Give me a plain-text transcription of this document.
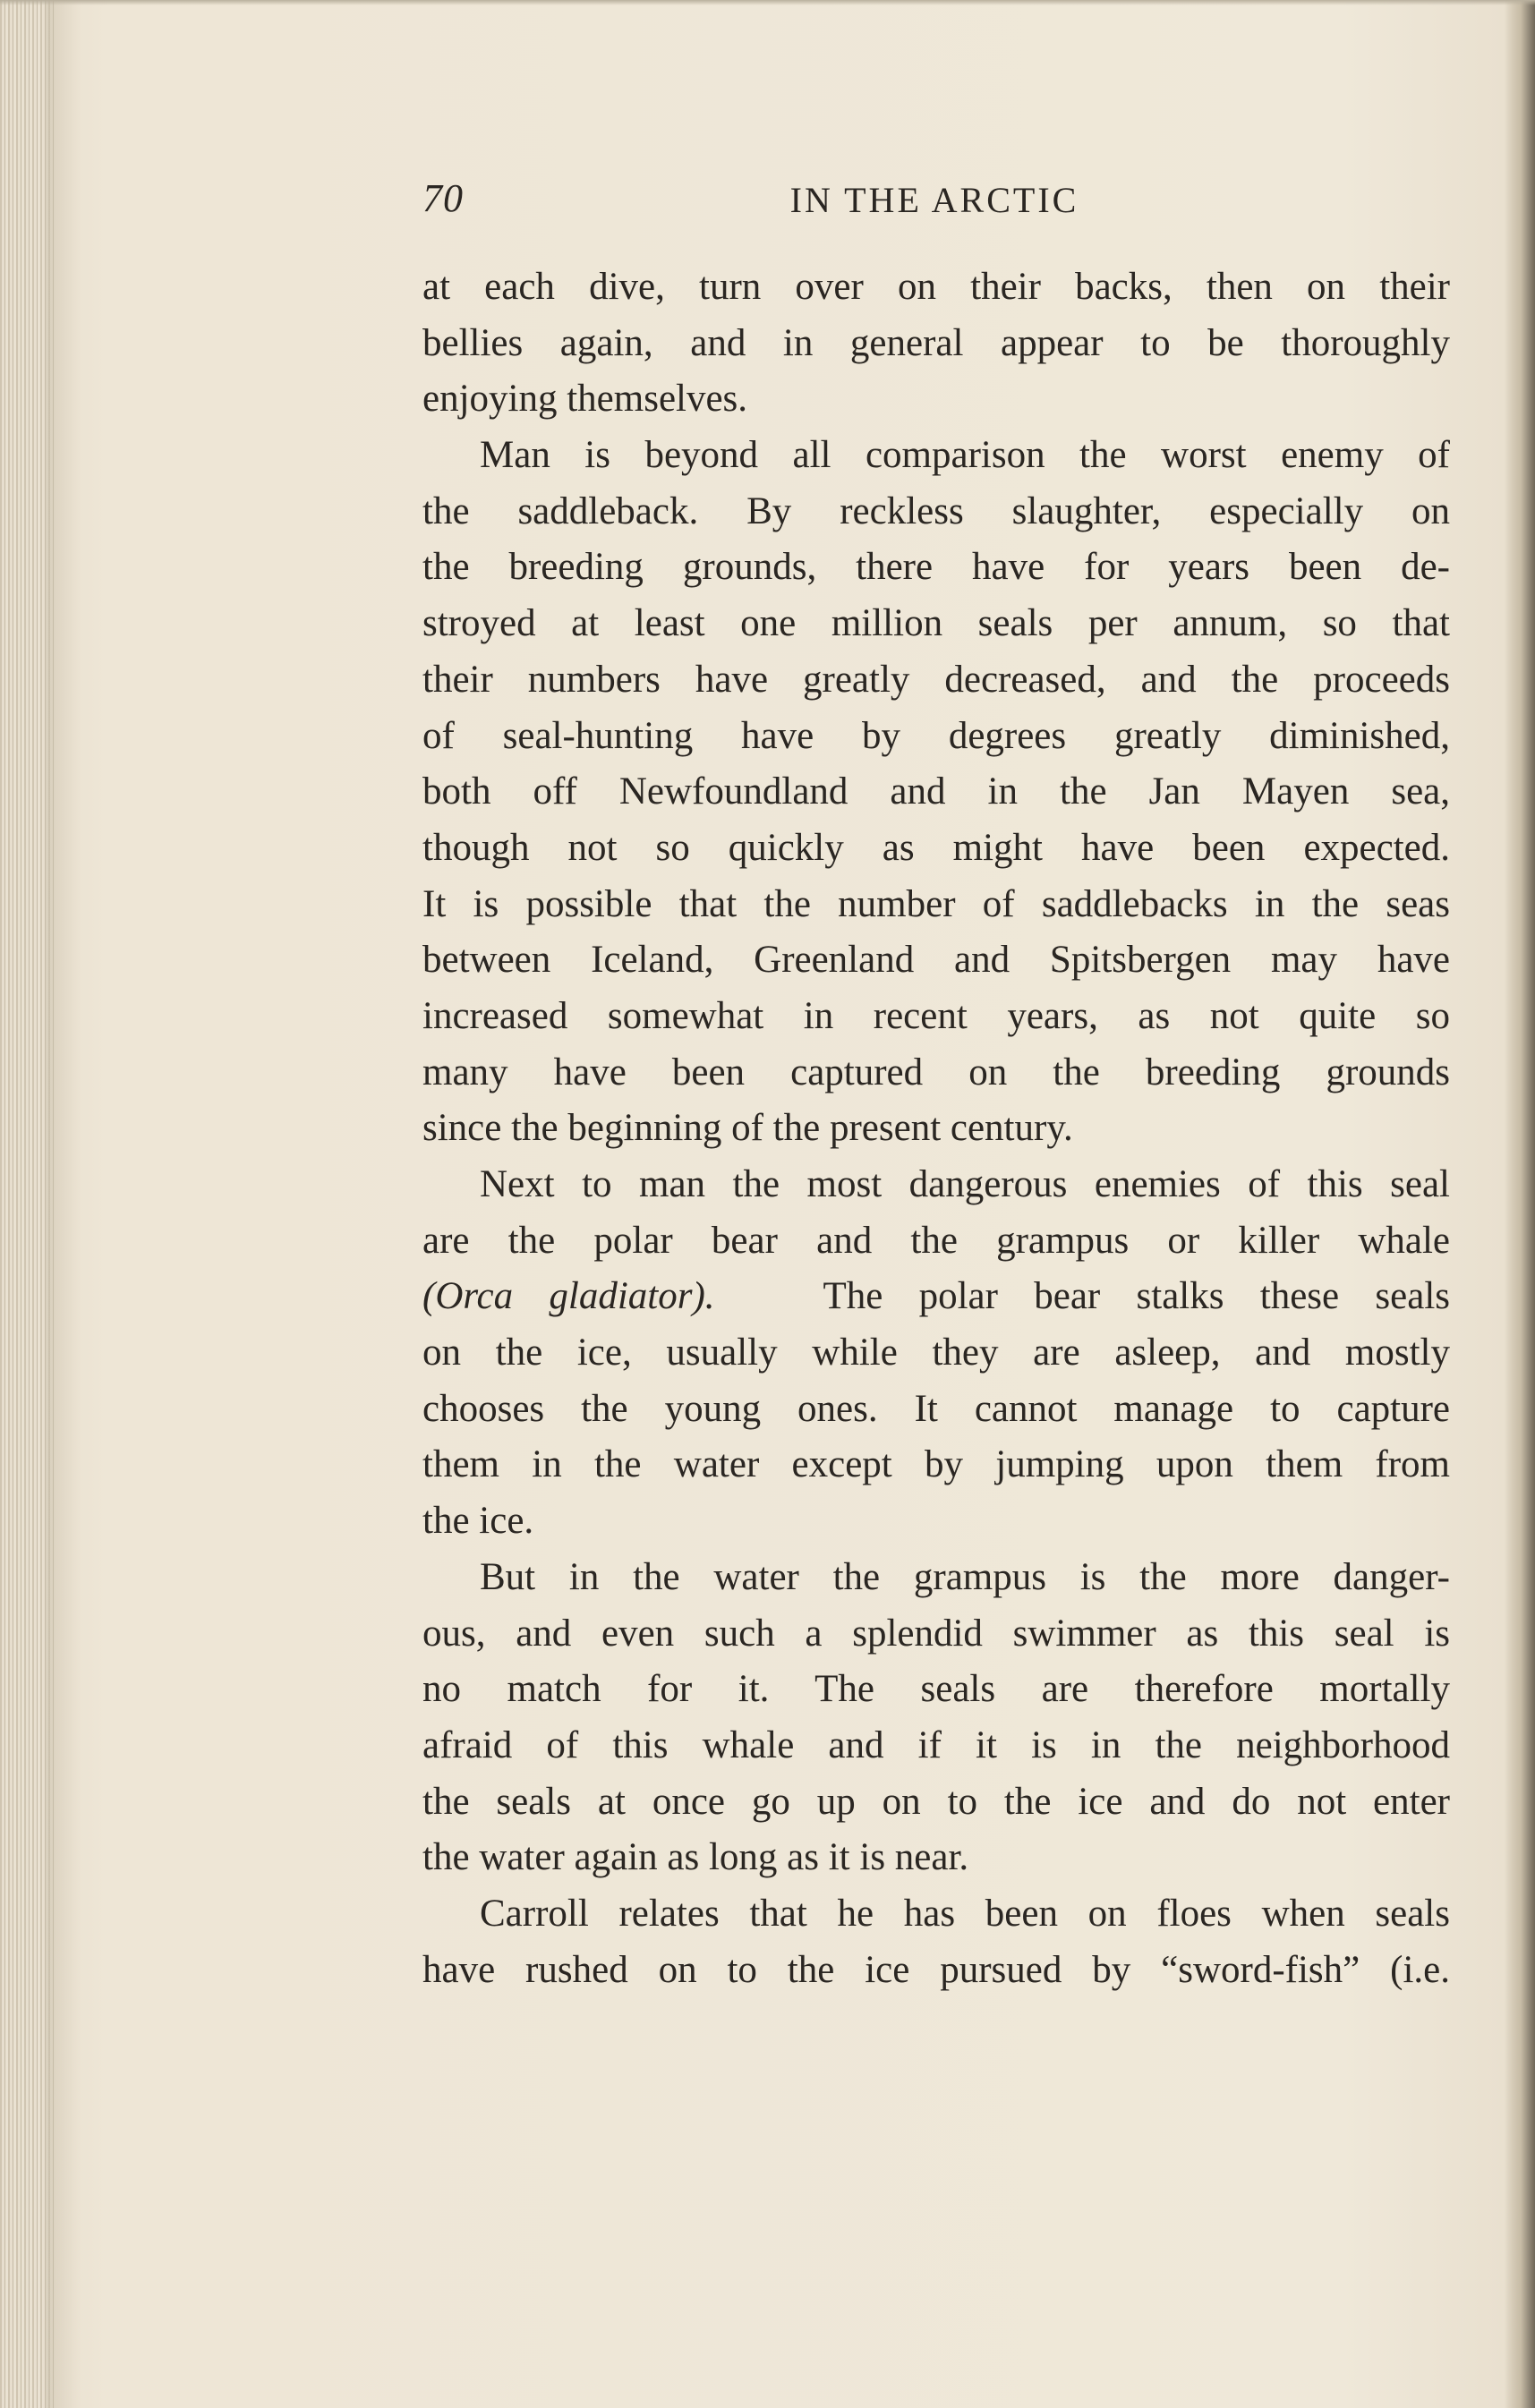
70	IN THE ARCTIC
at each dive, turn over on their backs, then on their
bellies again, and in general appear to be thoroughly
enjoying themselves.
Man is beyond all comparison the worst enemy of
the saddleback. By reckless slaughter, especially on
the breeding grounds, there have for years been de-
stroyed at least one million seals per annum, so that
their numbers have greatly decreased, and the proceeds
of seal-hunting have by degrees greatly diminished,
both off Newfoundland and in the Jan Mayen sea,
though not so quickly as might have been expected.
It is possible that the number of saddlebacks in the seas
between Iceland, Greenland and Spitsbergen may have
increased somewhat in recent years, as not quite so
many have been captured on the breeding grounds
since the beginning of the present century.
Next to man the most dangerous enemies of this seal
are the polar bear and the grampus or killer whale
(Orca gladiator).	The polar bear stalks these seals
on the ice, usually while they are asleep, and mostly
chooses the young ones. It cannot manage to capture
them in the water except by jumping upon them from
the ice.
But in the water the grampus is the more danger-
ous, and even such a splendid swimmer as this seal is
no match for it. The seals are therefore mortally
afraid of this whale and if it is in the neighborhood
the seals at once go up on to the ice and do not enter
the water again as long as it is near.
Carroll relates that he has been on floes when seals
have rushed on to the ice pursued by “sword-fish” (i.e.
